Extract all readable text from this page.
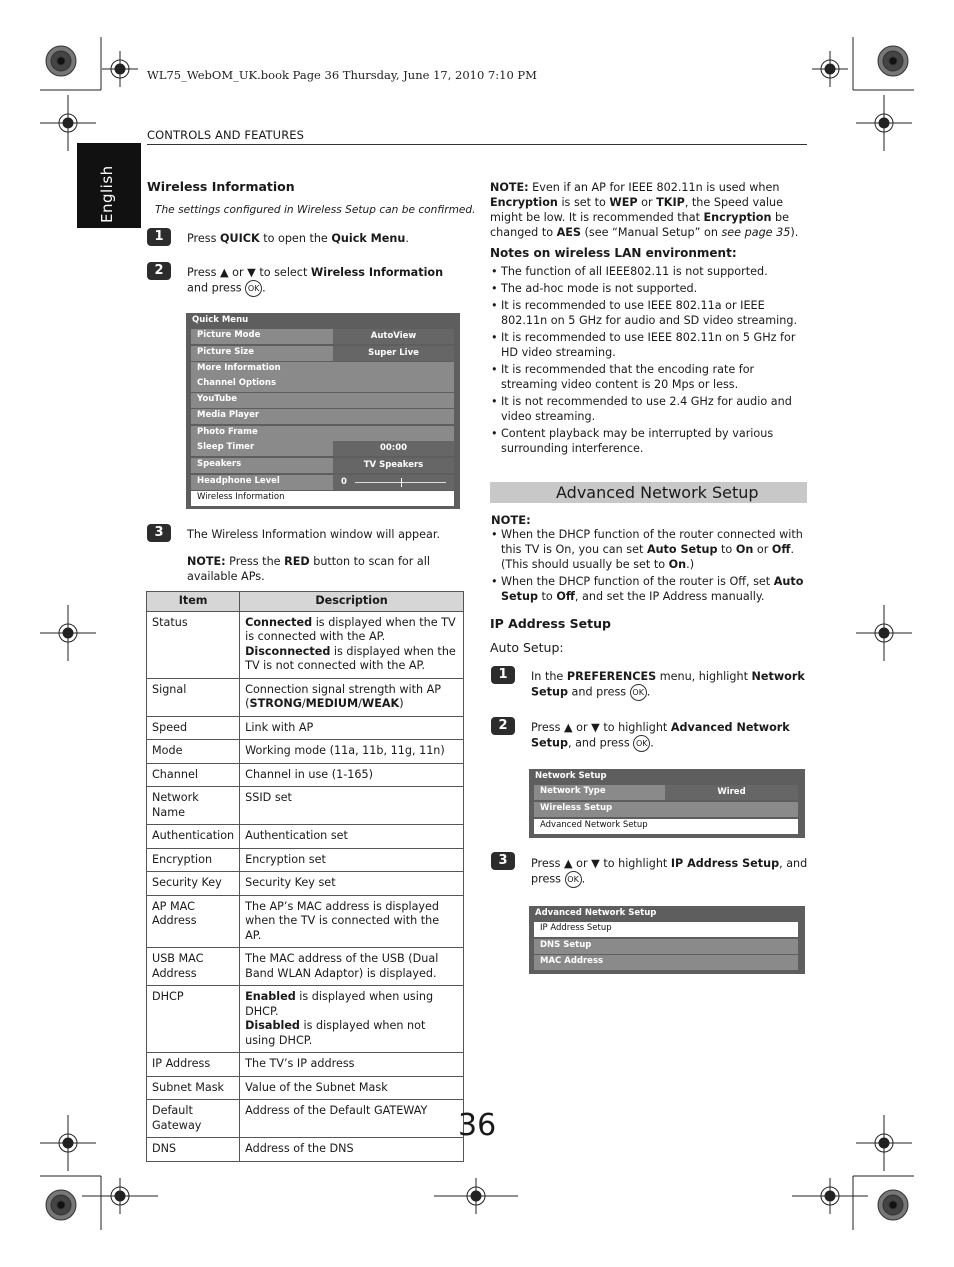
WL75_WebOM_UK.book Page 36 Thursday, June 17, 2010 7:10 PM
CONTROLS AND FEATURES
English Wireless Information
The settings configured in Wireless Setup can be confirmed.
1	Press QUICK to open the Quick Menu.
2	Press ▲ or ▼ to select Wireless Information and press OK .
Quick Menu
Picture Mode	AutoView
Picture Size	Super Live
More Information
Channel Options
YouTube
Media Player
Photo Frame
Sleep Timer	00:00
Speakers	TV Speakers
Headphone Level	0
Wireless Information
3	The Wireless Information window will appear.
NOTE: Press the RED button to scan for all available APs.
Item	Description
Status	Connected is displayed when the TV is connected with the AP.
Disconnected is displayed when the TV is not connected with the AP.
Signal	Connection signal strength with AP (STRONG/MEDIUM/WEAK)
Speed	Link with AP
Mode	Working mode (11a, 11b, 11g, 11n)
Channel	Channel in use (1-165)
Network Name	SSID set
Authentication	Authentication set
Encryption	Encryption set
Security Key	Security Key set
AP MAC Address	The AP’s MAC address is displayed when the TV is connected with the AP.
USB MAC Address	The MAC address of the USB (Dual Band WLAN Adaptor) is displayed.
DHCP	Enabled is displayed when using DHCP.
Disabled is displayed when not using DHCP.
IP Address	The TV’s IP address
Subnet Mask	Value of the Subnet Mask
Default Gateway	Address of the Default GATEWAY
DNS	Address of the DNS
NOTE: Even if an AP for IEEE 802.11n is used when Encryption is set to WEP or TKIP, the Speed value might be low. It is recommended that Encryption be changed to AES (see “Manual Setup” on see page 35).
Notes on wireless LAN environment:
• The function of all IEEE802.11 is not supported.
• The ad-hoc mode is not supported.
• It is recommended to use IEEE 802.11a or IEEE 802.11n on 5 GHz for audio and SD video streaming.
• It is recommended to use IEEE 802.11n on 5 GHz for HD video streaming.
• It is recommended that the encoding rate for streaming video content is 20 Mps or less.
• It is not recommended to use 2.4 GHz for audio and video streaming.
• Content playback may be interrupted by various surrounding interference.
Advanced Network Setup
NOTE:
• When the DHCP function of the router connected with this TV is On, you can set Auto Setup to On or Off.
(This should usually be set to On.)
• When the DHCP function of the router is Off, set Auto Setup to Off, and set the IP Address manually.
IP Address Setup
Auto Setup:
1	In the PREFERENCES menu, highlight Network Setup and press OK .
2	Press ▲ or ▼ to highlight Advanced Network Setup, and press OK .
Network Setup
Network Type	Wired
Wireless Setup
Advanced Network Setup
3	Press ▲ or ▼ to highlight IP Address Setup, and press OK .
Advanced Network Setup
IP Address Setup
DNS Setup
MAC Address
36
